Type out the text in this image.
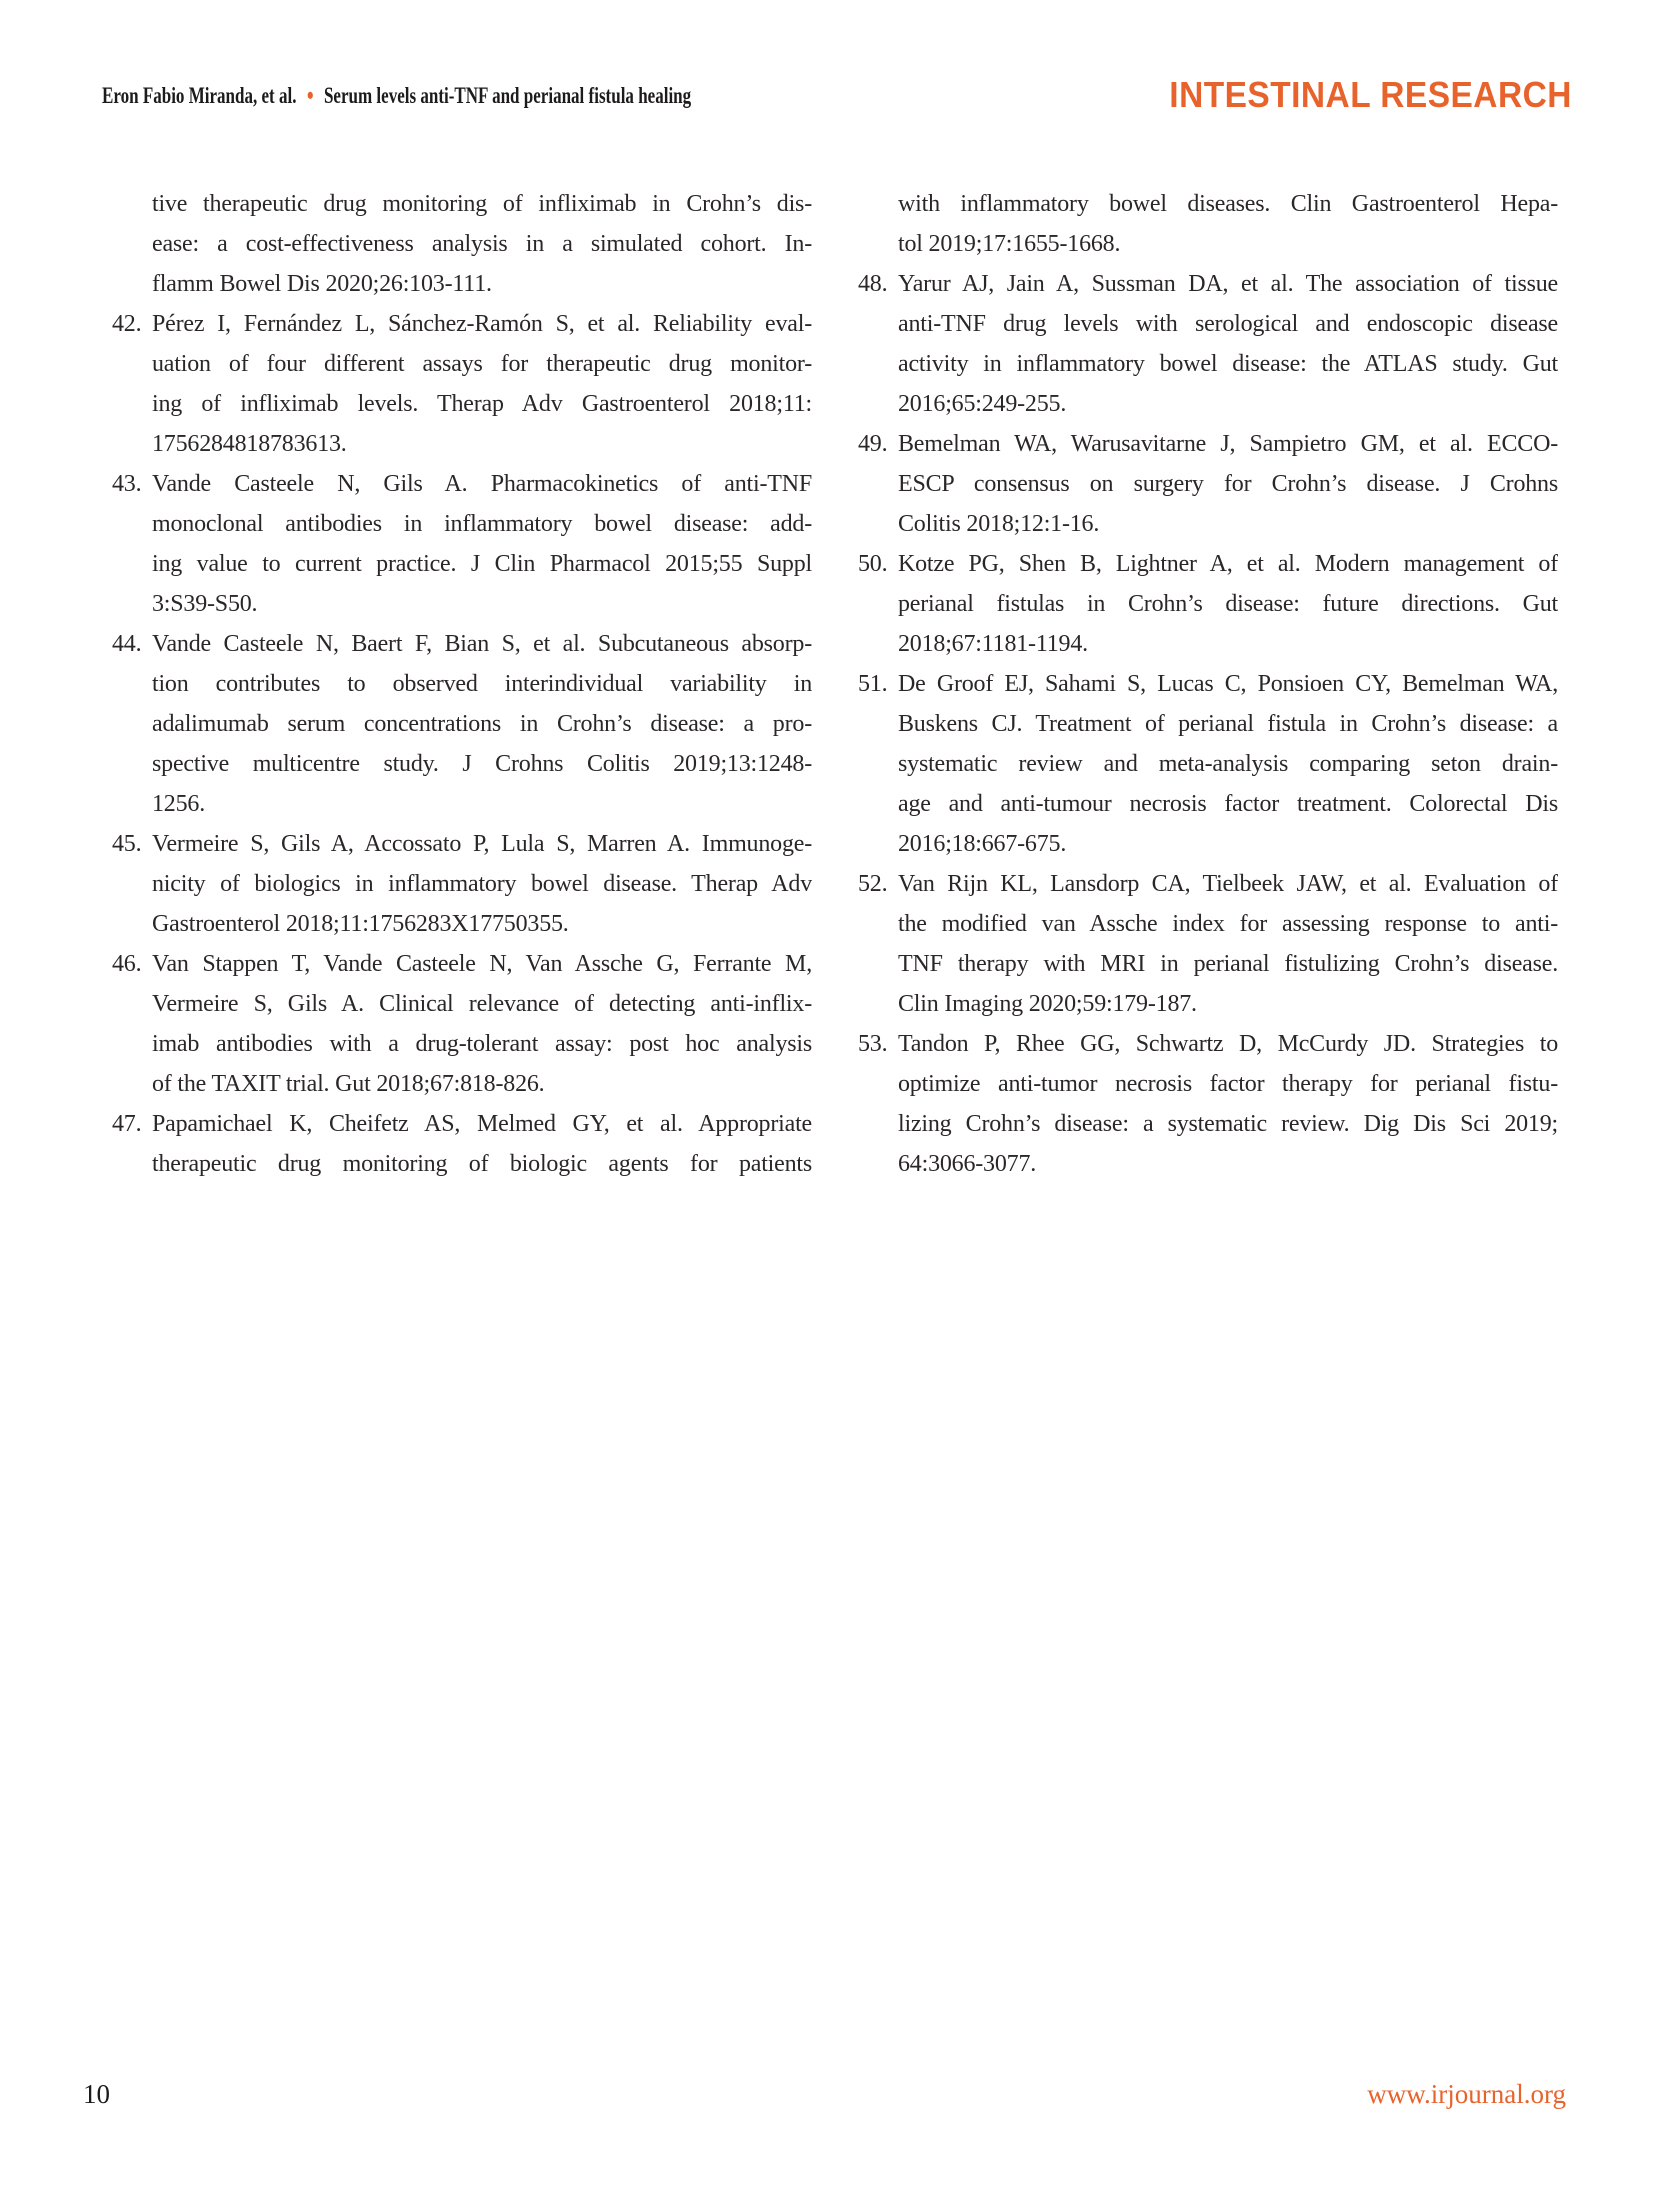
Eron Fabio Miranda, et al. • Serum levels anti-TNF and perianal fistula healing	INTESTINAL RESEARCH
tive therapeutic drug monitoring of infliximab in Crohn’s dis-
ease: a cost-effectiveness analysis in a simulated cohort. In-
flamm Bowel Dis 2020;26:103-111.
42. Pérez I, Fernández L, Sánchez-Ramón S, et al. Reliability eval-
uation of four different assays for therapeutic drug monitor-
ing of infliximab levels. Therap Adv Gastroenterol 2018;11:
1756284818783613.
43. Vande Casteele N, Gils A. Pharmacokinetics of anti-TNF
monoclonal antibodies in inflammatory bowel disease: add-
ing value to current practice. J Clin Pharmacol 2015;55 Suppl
3:S39-S50.
44. Vande Casteele N, Baert F, Bian S, et al. Subcutaneous absorp-
tion contributes to observed interindividual variability in
adalimumab serum concentrations in Crohn’s disease: a pro-
spective multicentre study. J Crohns Colitis 2019;13:1248-
1256.
45. Vermeire S, Gils A, Accossato P, Lula S, Marren A. Immunoge-
nicity of biologics in inflammatory bowel disease. Therap Adv
Gastroenterol 2018;11:1756283X17750355.
46. Van Stappen T, Vande Casteele N, Van Assche G, Ferrante M,
Vermeire S, Gils A. Clinical relevance of detecting anti-inflix-
imab antibodies with a drug-tolerant assay: post hoc analysis
of the TAXIT trial. Gut 2018;67:818-826.
47. Papamichael K, Cheifetz AS, Melmed GY, et al. Appropriate
therapeutic drug monitoring of biologic agents for patients
with inflammatory bowel diseases. Clin Gastroenterol Hepa-
tol 2019;17:1655-1668.
48. Yarur AJ, Jain A, Sussman DA, et al. The association of tissue
anti-TNF drug levels with serological and endoscopic disease
activity in inflammatory bowel disease: the ATLAS study. Gut
2016;65:249-255.
49. Bemelman WA, Warusavitarne J, Sampietro GM, et al. ECCO-
ESCP consensus on surgery for Crohn’s disease. J Crohns
Colitis 2018;12:1-16.
50. Kotze PG, Shen B, Lightner A, et al. Modern management of
perianal fistulas in Crohn’s disease: future directions. Gut
2018;67:1181-1194.
51. De Groof EJ, Sahami S, Lucas C, Ponsioen CY, Bemelman WA,
Buskens CJ. Treatment of perianal fistula in Crohn’s disease: a
systematic review and meta-analysis comparing seton drain-
age and anti-tumour necrosis factor treatment. Colorectal Dis
2016;18:667-675.
52. Van Rijn KL, Lansdorp CA, Tielbeek JAW, et al. Evaluation of
the modified van Assche index for assessing response to anti-
TNF therapy with MRI in perianal fistulizing Crohn’s disease.
Clin Imaging 2020;59:179-187.
53. Tandon P, Rhee GG, Schwartz D, McCurdy JD. Strategies to
optimize anti-tumor necrosis factor therapy for perianal fistu-
lizing Crohn’s disease: a systematic review. Dig Dis Sci 2019;
64:3066-3077.
10	www.irjournal.org
